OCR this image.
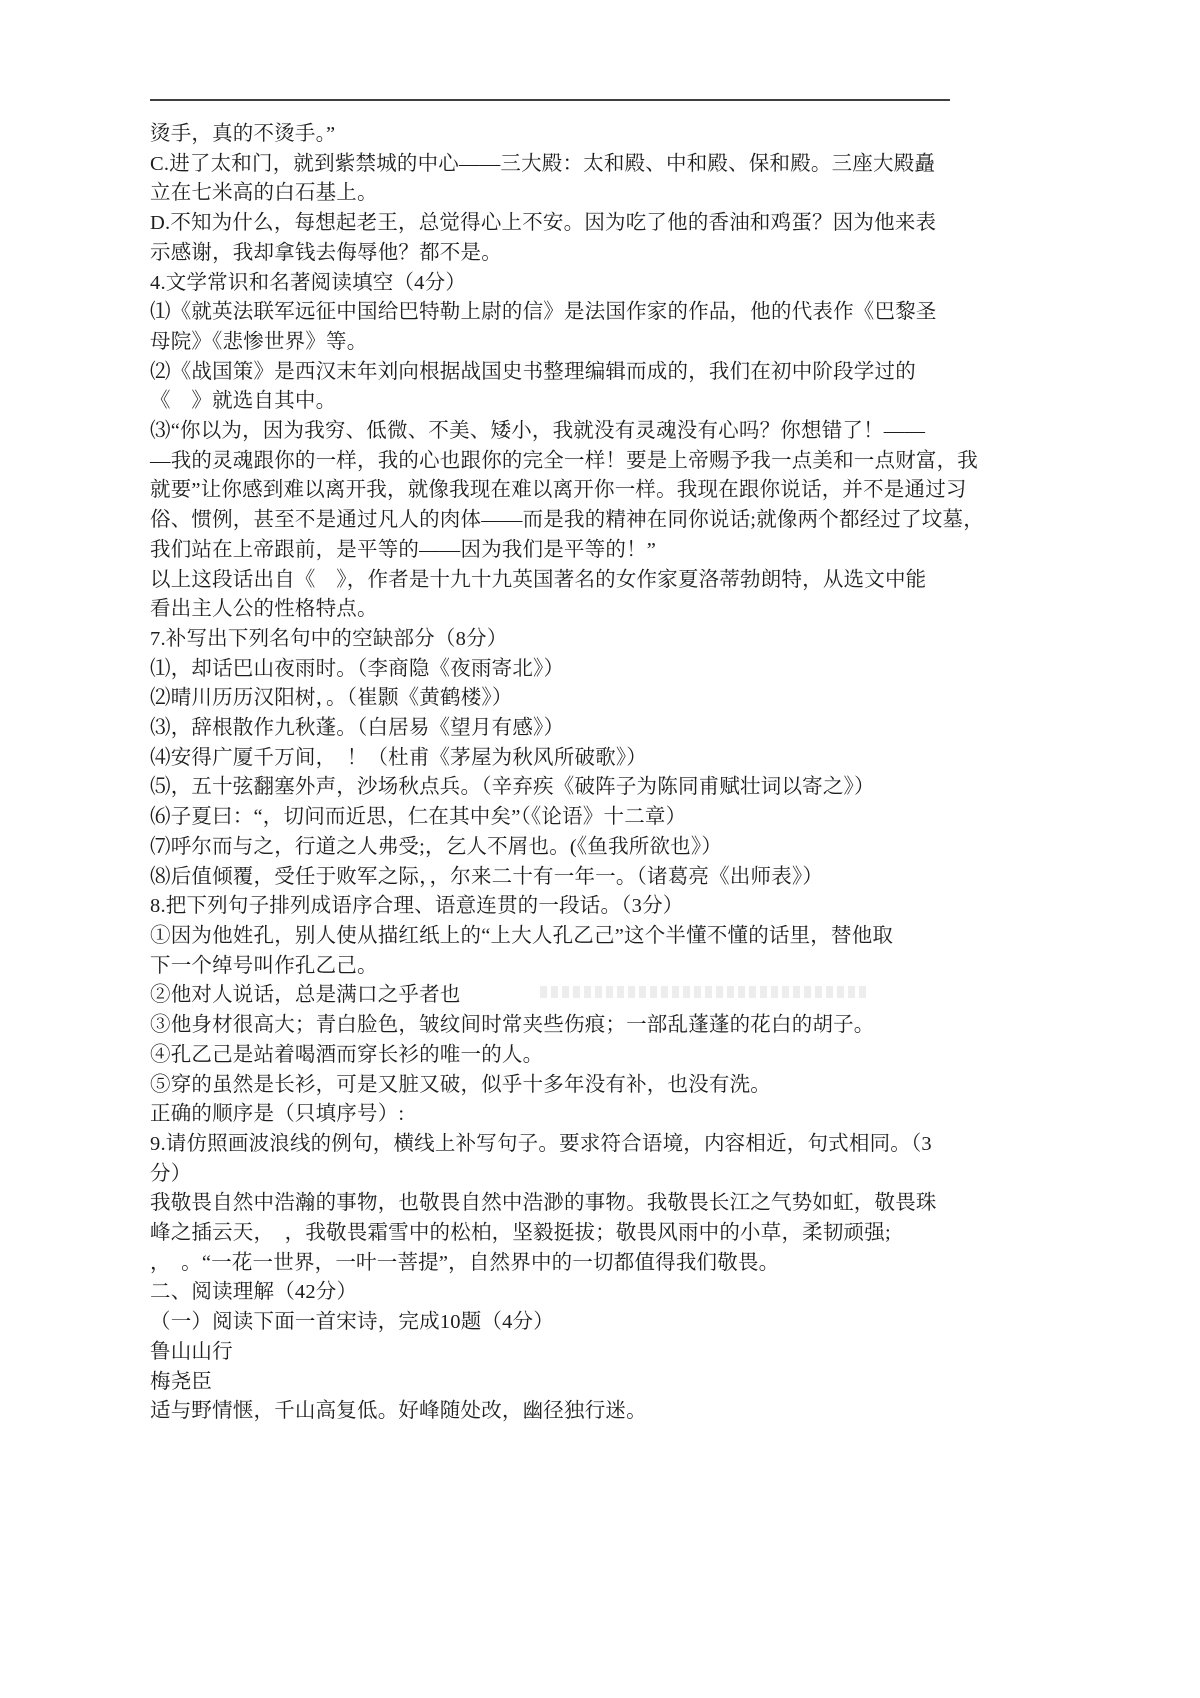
烫手，真的不烫手。”

C.进了太和门，就到紫禁城的中心——三大殿：太和殿、中和殿、保和殿。三座大殿矗

立在七米高的白石基上。

D.不知为什么，每想起老王，总觉得心上不安。因为吃了他的香油和鸡蛋？因为他来表

示感谢，我却拿钱去侮辱他？都不是。

4.文学常识和名著阅读填空（4分）

⑴《就英法联军远征中国给巴特勒上尉的信》是法国作家的作品，他的代表作《巴黎圣

母院》《悲惨世界》等。

⑵《战国策》是西汉末年刘向根据战国史书整理编辑而成的，我们在初中阶段学过的

《　》就选自其中。

⑶“你以为，因为我穷、低微、不美、矮小，我就没有灵魂没有心吗？你想错了！——

—我的灵魂跟你的一样，我的心也跟你的完全一样！要是上帝赐予我一点美和一点财富，我

就要”让你感到难以离开我，就像我现在难以离开你一样。我现在跟你说话，并不是通过习

俗、惯例，甚至不是通过凡人的肉体——而是我的精神在同你说话;就像两个都经过了坟墓，

我们站在上帝跟前，是平等的——因为我们是平等的！”

以上这段话出自《　》，作者是十九十九英国著名的女作家夏洛蒂勃朗特，从选文中能

看出主人公的性格特点。

7.补写出下列名句中的空缺部分（8分）

⑴，却话巴山夜雨时。（李商隐《夜雨寄北》）

⑵晴川历历汉阳树，。（崔颢《黄鹤楼》）

⑶，辞根散作九秋蓬。（白居易《望月有感》）

⑷安得广厦千万间，　！（杜甫《茅屋为秋风所破歌》）

⑸，五十弦翻塞外声，沙场秋点兵。（辛弃疾《破阵子为陈同甫赋壮词以寄之》）

⑹子夏曰：“，切问而近思，仁在其中矣”（《论语》十二章）

⑺呼尔而与之，行道之人弗受;，乞人不屑也。(《鱼我所欲也》）

⑻后值倾覆，受任于败军之际，，尔来二十有一年一。（诸葛亮《出师表》）

8.把下列句子排列成语序合理、语意连贯的一段话。（3分）

①因为他姓孔，别人使从描红纸上的“上大人孔乙己”这个半懂不懂的话里，替他取

下一个绰号叫作孔乙己。

②他对人说话，总是满口之乎者也

③他身材很高大；青白脸色，皱纹间时常夹些伤痕；一部乱蓬蓬的花白的胡子。

④孔乙己是站着喝酒而穿长衫的唯一的人。

⑤穿的虽然是长衫，可是又脏又破，似乎十多年没有补，也没有洗。

正确的顺序是（只填序号）:

9.请仿照画波浪线的例句，横线上补写句子。要求符合语境，内容相近，句式相同。（3

分）

我敬畏自然中浩瀚的事物，也敬畏自然中浩渺的事物。我敬畏长江之气势如虹，敬畏珠

峰之插云天，　，我敬畏霜雪中的松柏，坚毅挺拔；敬畏风雨中的小草，柔韧顽强;

，　。“一花一世界，一叶一菩提”，自然界中的一切都值得我们敬畏。

二、阅读理解（42分）

（一）阅读下面一首宋诗，完成10题（4分）

鲁山山行

梅尧臣

适与野情惬，千山高复低。好峰随处改，幽径独行迷。
